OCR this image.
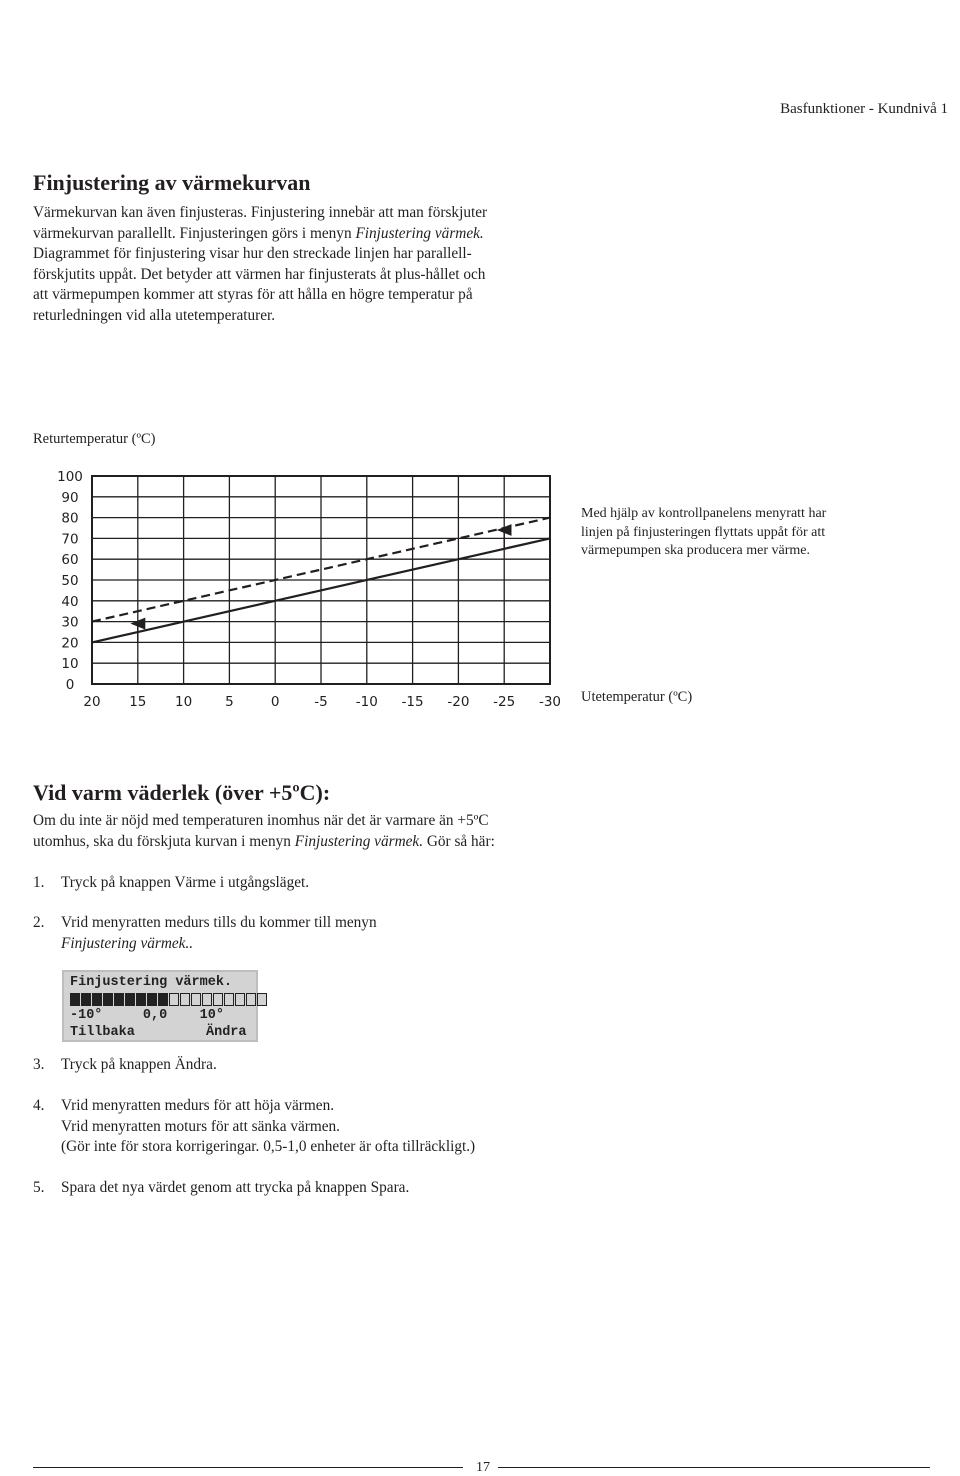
Basfunktioner - Kundnivå 1
Finjustering av värmekurvan

Värmekurvan kan även finjusteras. Finjustering innebär att man förskjuter

värmekurvan parallellt. Finjusteringen görs i menyn Finjustering värmek.

Diagrammet för finjustering visar hur den streckade linjen har parallell-

förskjutits uppåt. Det betyder att värmen har finjusterats åt plus-hållet och

att värmepumpen kommer att styras för att hålla en högre temperatur på

returledningen vid alla utetemperaturer.

Returtemperatur (ºC)
20 15 10 5	0	-5 -10 -15 -20 -25 -30
100
90
80
70
60
50
40
30
20
10
0

Med hjälp av kontrollpanelens menyratt har

linjen på finjusteringen flyttats uppåt för att

värmepumpen ska producera mer värme.

Utetemperatur (ºC)
Vid varm väderlek (över +5ºC):

Om du inte är nöjd med temperaturen inomhus när det är varmare än +5ºC

utomhus, ska du förskjuta kurvan i menyn Finjustering värmek. Gör så här:

1. Tryck på knappen Värme i utgångsläget.
2. Vrid menyratten medurs tills du kommer till menyn
Finjustering värmek..
Finjustering värmek.
-10°     0,0    10°
Tillbaka	Ändra
3. Tryck på knappen Ändra.
4. Vrid menyratten medurs för att höja värmen.
Vrid menyratten moturs för att sänka värmen.
(Gör inte för stora korrigeringar. 0,5-1,0 enheter är ofta tillräckligt.)
5. Spara det nya värdet genom att trycka på knappen Spara.
17
